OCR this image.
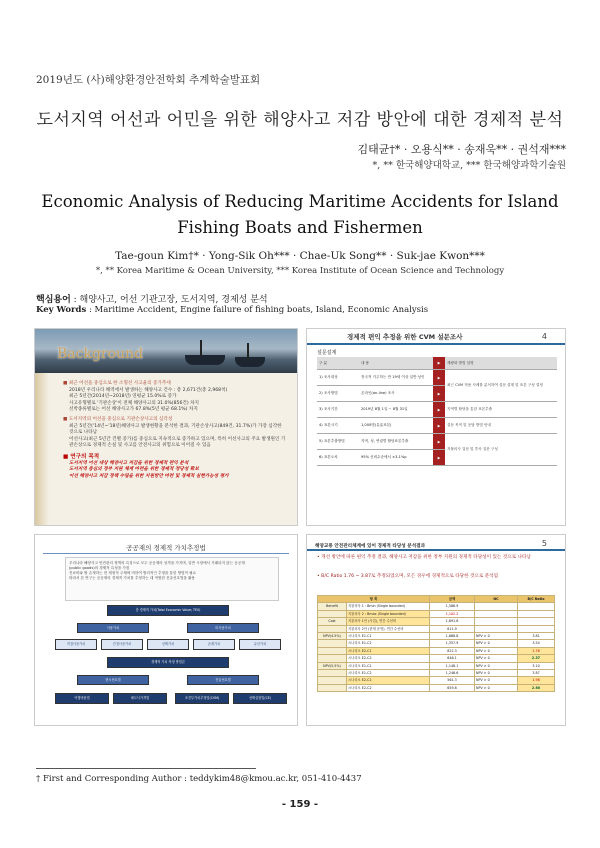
2019년도 (사)해양환경안전학회 추계학술발표회
도서지역 어선과 어민을 위한 해양사고 저감 방안에 대한 경제적 분석
김태균†* · 오용식** · 송재욱** · 권석재***
*, ** 한국해양대학교, *** 한국해양과학기술원
Economic Analysis of Reducing Maritime Accidents for Island Fishing Boats and Fishermen
Tae-goun Kim†* · Yong-Sik Oh*** · Chae-Uk Song** · Suk-jae Kwon***
*, ** Korea Maritime & Ocean University, *** Korea Institute of Ocean Science and Technology
핵심용어 : 해양사고, 어선 기관고장, 도서지역, 경제성 분석
Key Words : Maritime Accident, Engine failure of fishing boats, Island, Economic Analysis
Background
■ 최근 어선을 중심으로 한 소형선 사고율의 증가추세
2018년 우리나라 해역에서 발생하는 해양사고 건수 : 총 2,671건(총 2,968척)
최근 5년간(2014년~2018년) 연평균 15.0%로 증가
사고유형별로 '기관손상'이 전체 해양사고의 31.0%(856건) 차지
선박종류별로는 어선 해양사고가 67.8%(5년 평균 68.1%) 차지
■ 도서지역의 어선을 중심으로 기관손상사고의 심각성
최근 5년간('14년~'18년)해양사고 발생현황을 분석한 결과, 기관손상사고(849건, 31.7%)가 가장 심각한 것으로 나타남
어선사고(최근 5년간 건별 증가)를 중심으로 지속적으로 증가하고 있으며, 특히 어선사고의 주요 발생원인 기관손상으로 경제적 손실 및 사고를 안전사고의 위험으로 이어질 수 있음
■ 연구의 목적
도서지역 어선 대상 해양사고 저감을 위한 경제적 편익 분석
도서지역 중심의 정부 지원 체계 마련을 위한 경제적 정당성 확보
어선 해양사고 저감 정책 수립을 위한 지원방안 마련 및 경제적 실현가능성 평가
경제적 편익 추정을 위한 CVM 설문조사	4
설문설계
구 분	내 용	▶	계량화 방법 설명
1) 조사대상	전국적 거주하는 만 19세 이상 일반 성인	▶	최근 CVM 적용 사례를 분석하여 설문 설계 및 표본 구성 결정
2) 조사방법	온라인(on-line) 조사	▶	
3) 조사기간	2019년 8월 1일 ~ 8월 31일	▶	지역별 할당을 통한 표본추출
4) 표본크기	1,000명(유효표본)	▶	설문 목적 및 응답 방법 안내
5) 표본추출방법	지역, 성, 연령별 할당표본추출	▶	지불의사 질문 및 후속 질문 구성
6) 표본오차	95% 신뢰수준에서 ±3.1%p	▶	
공공재의 경제적 가치추정법
우리나라 해양사고 안전관리 정책의 특징으로 모두 공공재의 성격을 가지며, 일반 시장에서 거래되지 않는 공공재
(public goods)의 경제적 특성을 가짐
진료비와 할 존재하는 현 재정적 주체에 비하여 합리적인 추정을 통한 방법이 필요
따라서 본 연구는 공공재의 경제적 가치를 추정하는 데 적합한 진술선호법을 활용
총 경제적 가치(Total Economic Value; TEV)
사용가치	비사용가치
직접사용가치	간접사용가치	선택가치	존재가치	유산가치
경제적 가치 측정 방법론
현시선호법	진술선호법
여행비용법	헤도닉가격법	조건부가치추정법(CVM)	선택실험법(CE)
해양교통 안전관리체계에 있어 경제적 타당성 분석결과	5
• 개선 방안에 따른 편익 추정 결과, 해양사고 저감을 위한 정부 지원의 경제적 타당성이 있는 것으로 나타남
• B/C Ratio 1.76 ~ 3.87로 추정되었으며, 모든 경우에 경제적으로 타당한 것으로 분석됨
항 목		금액	NC	B/C Ratio
Benefit	지불의사 1 : Bmin (Single bounded)	1,586.9		
	지불의사 2 : Bmax (Single bounded)	1,102.2		
Cost	지불의사 1안 (사업), 연간 수선비	1,691.6		
	지불의사 2안 (현재 운영), 연간 수선비	811.9		
NPV(4.5%)	시나리오 E1-C1	1,668.8	NPV > 0	3.81
	시나리오 E1-C2	1,357.9	NPV > 0	3.54
	시나리오 E2-C1	822.3	NPV > 0	1.76
	시나리오 E2-C2	646.1	NPV > 0	2.37
NPV(5.5%)	시나리오 E1-C1	1,148.1	NPV > 0	3.10
	시나리오 E1-C2	1,246.6	NPV > 0	3.87
	시나리오 E2-C1	561.3	NPV > 0	1.98
	시나리오 E2-C2	659.8	NPV > 0	2.60
† First and Corresponding Author : teddykim48@kmou.ac.kr, 051-410-4437
- 159 -
